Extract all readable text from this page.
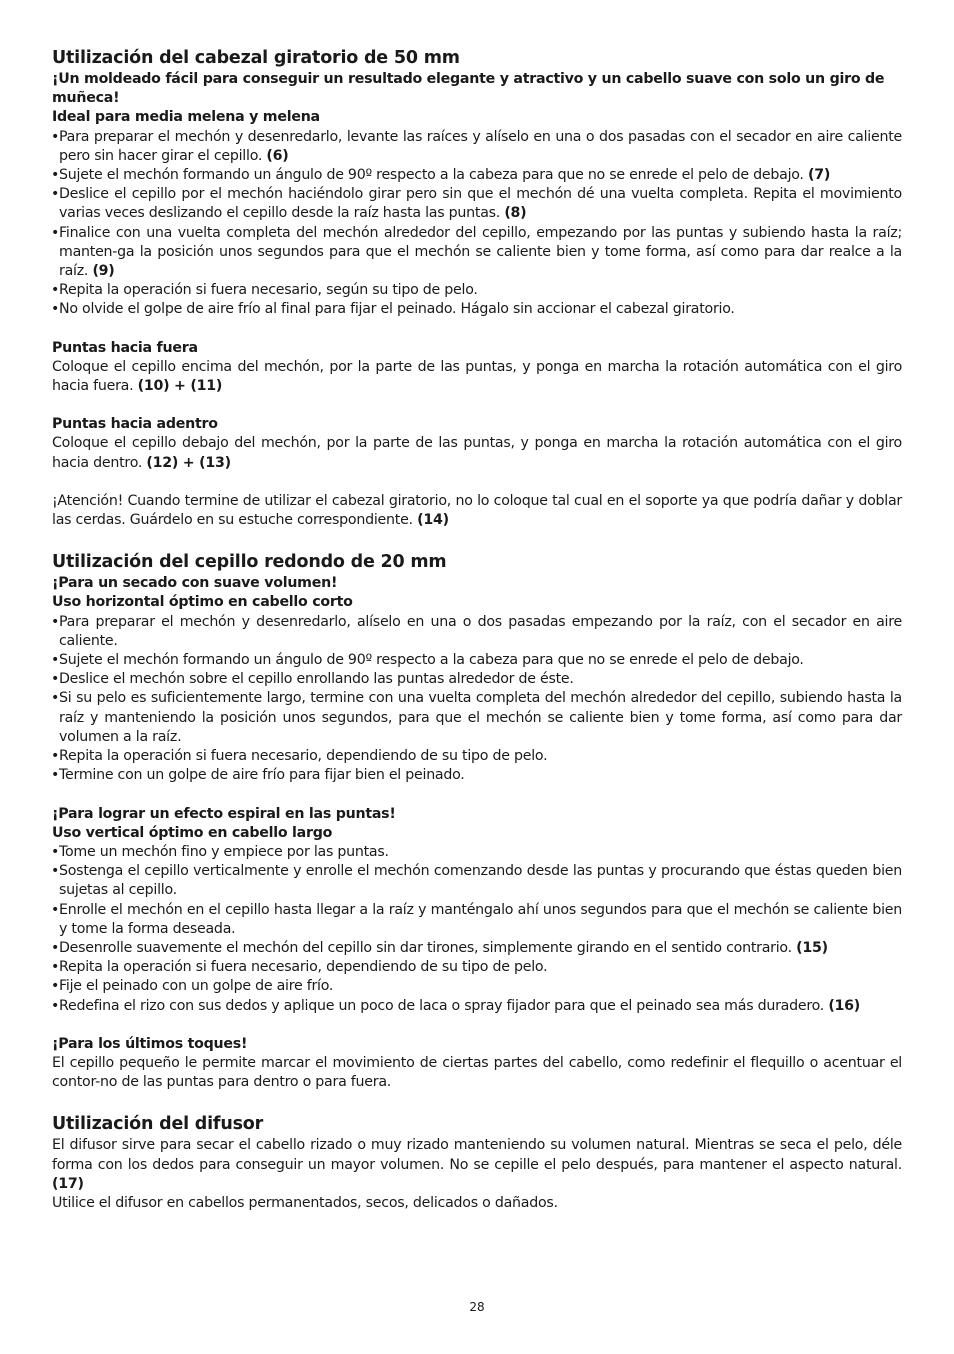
Utilización del cabezal giratorio de 50 mm
¡Un moldeado fácil para conseguir un resultado elegante y atractivo y un cabello suave con solo un giro de muñeca!
Ideal para media melena y melena
• Para preparar el mechón y desenredarlo, levante las raíces y alíselo en una o dos pasadas con el secador en aire caliente pero sin hacer girar el cepillo. (6)
• Sujete el mechón formando un ángulo de 90º respecto a la cabeza para que no se enrede el pelo de debajo. (7)
• Deslice el cepillo por el mechón haciéndolo girar pero sin que el mechón dé una vuelta completa. Repita el movimiento varias veces deslizando el cepillo desde la raíz hasta las puntas. (8)
• Finalice con una vuelta completa del mechón alrededor del cepillo, empezando por las puntas y subiendo hasta la raíz; manten-ga la posición unos segundos para que el mechón se caliente bien y tome forma, así como para dar realce a la raíz. (9)
• Repita la operación si fuera necesario, según su tipo de pelo.
• No olvide el golpe de aire frío al final para fijar el peinado. Hágalo sin accionar el cabezal giratorio.
Puntas hacia fuera
Coloque el cepillo encima del mechón, por la parte de las puntas, y ponga en marcha la rotación automática con el giro hacia fuera. (10) + (11)
Puntas hacia adentro
Coloque el cepillo debajo del mechón, por la parte de las puntas, y ponga en marcha la rotación automática con el giro hacia dentro. (12) + (13)
¡Atención! Cuando termine de utilizar el cabezal giratorio, no lo coloque tal cual en el soporte ya que podría dañar y doblar las cerdas. Guárdelo en su estuche correspondiente. (14)
Utilización del cepillo redondo de 20 mm
¡Para un secado con suave volumen!
Uso horizontal óptimo en cabello corto
• Para preparar el mechón y desenredarlo, alíselo en una o dos pasadas empezando por la raíz, con el secador en aire caliente.
• Sujete el mechón formando un ángulo de 90º respecto a la cabeza para que no se enrede el pelo de debajo.
• Deslice el mechón sobre el cepillo enrollando las puntas alrededor de éste.
• Si su pelo es suficientemente largo, termine con una vuelta completa del mechón alrededor del cepillo, subiendo hasta la raíz y manteniendo la posición unos segundos, para que el mechón se caliente bien y tome forma, así como para dar volumen a la raíz.
• Repita la operación si fuera necesario, dependiendo de su tipo de pelo.
• Termine con un golpe de aire frío para fijar bien el peinado.
¡Para lograr un efecto espiral en las puntas!
Uso vertical óptimo en cabello largo
• Tome un mechón fino y empiece por las puntas.
• Sostenga el cepillo verticalmente y enrolle el mechón comenzando desde las puntas y procurando que éstas queden bien sujetas al cepillo.
• Enrolle el mechón en el cepillo hasta llegar a la raíz y manténgalo ahí unos segundos para que el mechón se caliente bien y tome la forma deseada.
• Desenrolle suavemente el mechón del cepillo sin dar tirones, simplemente girando en el sentido contrario. (15)
• Repita la operación si fuera necesario, dependiendo de su tipo de pelo.
• Fije el peinado con un golpe de aire frío.
• Redefina el rizo con sus dedos y aplique un poco de laca o spray fijador para que el peinado sea más duradero. (16)
¡Para los últimos toques!
El cepillo pequeño le permite marcar el movimiento de ciertas partes del cabello, como redefinir el flequillo o acentuar el contor-no de las puntas para dentro o para fuera.
Utilización del difusor
El difusor sirve para secar el cabello rizado o muy rizado manteniendo su volumen natural. Mientras se seca el pelo, déle forma con los dedos para conseguir un mayor volumen. No se cepille el pelo después, para mantener el aspecto natural. (17)
Utilice el difusor en cabellos permanentados, secos, delicados o dañados.
28
